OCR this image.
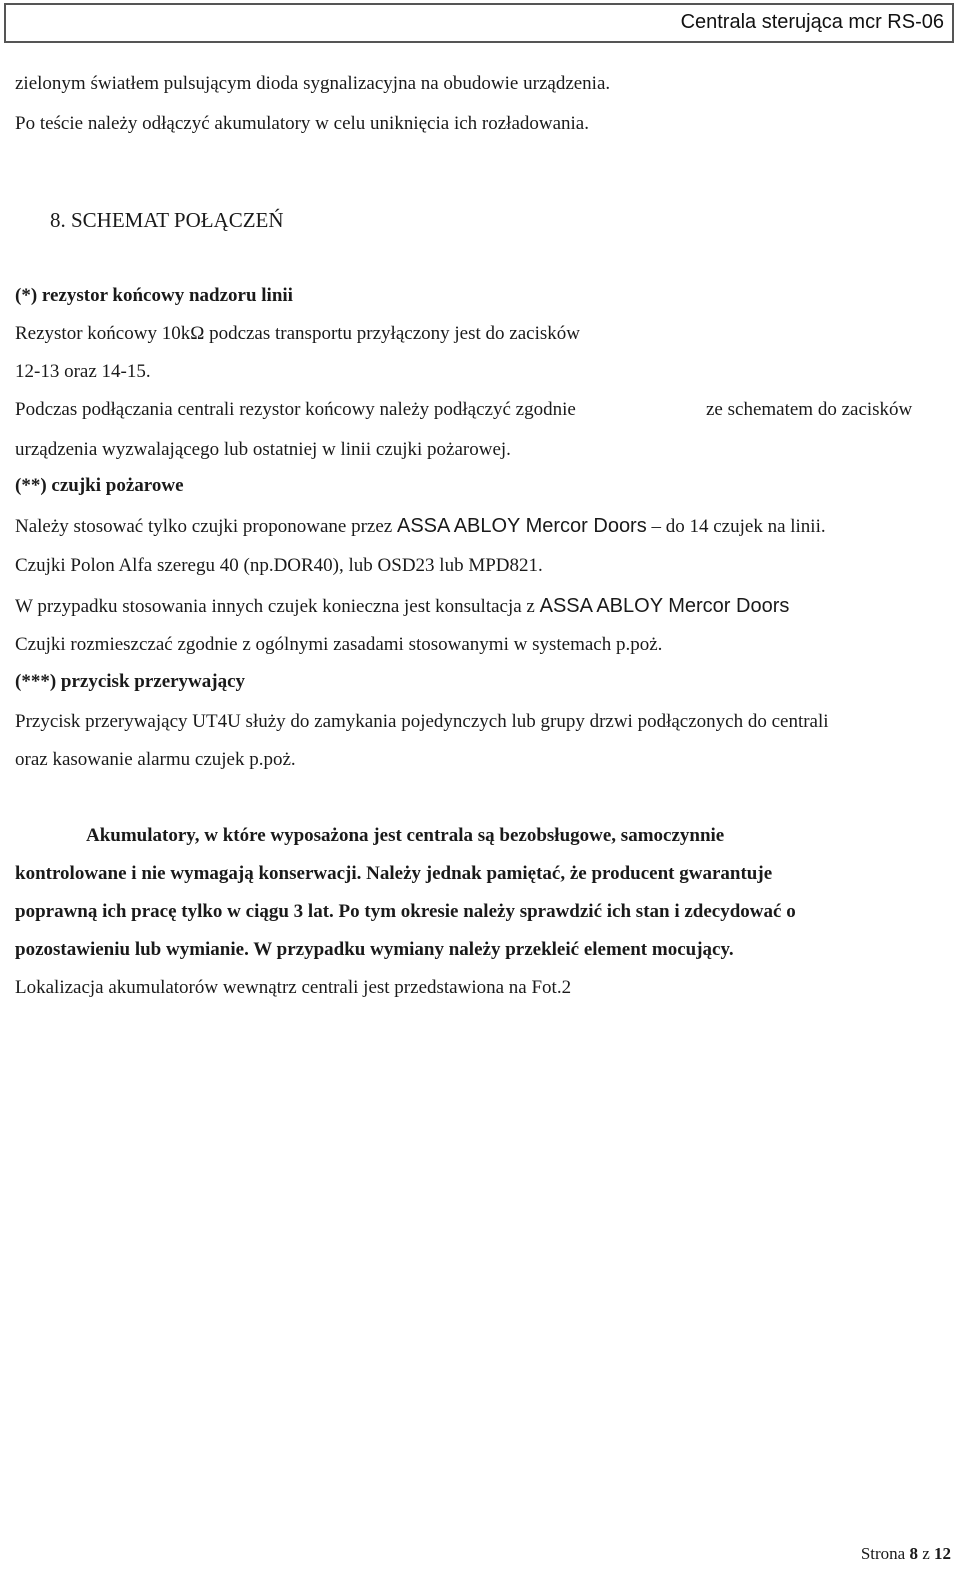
Centrala sterująca mcr RS-06
zielonym światłem pulsującym dioda sygnalizacyjna na obudowie urządzenia.
Po teście należy odłączyć akumulatory w celu uniknięcia ich rozładowania.
8. SCHEMAT POŁĄCZEŃ
(*) rezystor końcowy nadzoru linii
Rezystor końcowy 10kΩ podczas transportu przyłączony jest do zacisków
12-13 oraz 14-15.
Podczas podłączania centrali rezystor końcowy należy podłączyć zgodnie	ze schematem do zacisków
urządzenia wyzwalającego lub ostatniej w linii czujki pożarowej.
(**) czujki pożarowe
Należy stosować tylko czujki proponowane przez ASSA ABLOY Mercor Doors – do 14 czujek na linii.
Czujki Polon Alfa szeregu 40 (np.DOR40), lub OSD23 lub MPD821.
W przypadku stosowania innych czujek konieczna jest konsultacja z ASSA ABLOY Mercor Doors
Czujki rozmieszczać zgodnie z ogólnymi zasadami stosowanymi w systemach p.poż.
(***) przycisk przerywający
Przycisk przerywający UT4U służy do zamykania pojedynczych lub grupy drzwi podłączonych do centrali
oraz kasowanie alarmu czujek p.poż.
Akumulatory, w które wyposażona jest centrala są bezobsługowe, samoczynnie
kontrolowane i nie wymagają konserwacji. Należy jednak pamiętać, że producent gwarantuje
poprawną ich pracę tylko w ciągu 3 lat. Po tym okresie należy sprawdzić ich stan i zdecydować o
pozostawieniu lub wymianie. W przypadku wymiany należy przekleić element mocujący.
Lokalizacja akumulatorów wewnątrz centrali jest przedstawiona na Fot.2
Strona 8 z 12
